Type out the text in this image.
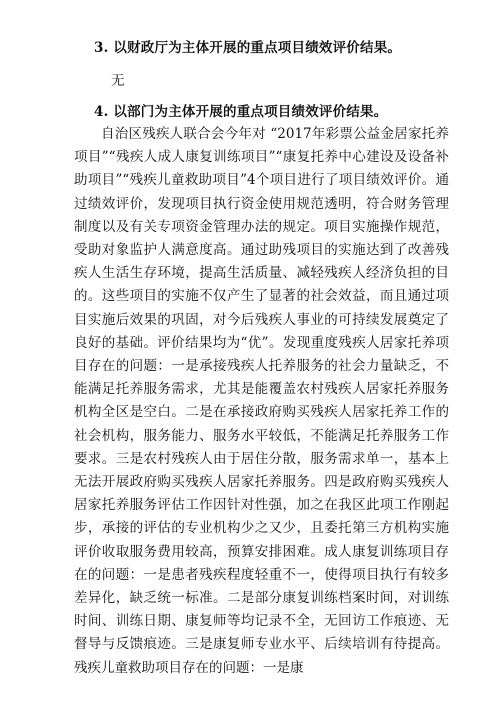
3. 以财政厅为主体开展的重点项目绩效评价结果。
无
4. 以部门为主体开展的重点项目绩效评价结果。

自治区残疾人联合会今年对 “2017年彩票公益金居家托养项目”“残疾人成人康复训练项目”“康复托养中心建设及设备补助项目”“残疾儿童救助项目”4个项目进行了项目绩效评价。通过绩效评价，发现项目执行资金使用规范透明，符合财务管理制度以及有关专项资金管理办法的规定。项目实施操作规范，受助对象监护人满意度高。通过助残项目的实施达到了改善残疾人生活生存环境，提高生活质量、减轻残疾人经济负担的目的。这些项目的实施不仅产生了显著的社会效益，而且通过项目实施后效果的巩固，对今后残疾人事业的可持续发展奠定了良好的基础。评价结果均为“优”。发现重度残疾人居家托养项目存在的问题：一是承接残疾人托养服务的社会力量缺乏，不能满足托养服务需求，尤其是能覆盖农村残疾人居家托养服务机构全区是空白。二是在承接政府购买残疾人居家托养工作的社会机构，服务能力、服务水平较低，不能满足托养服务工作要求。三是农村残疾人由于居住分散，服务需求单一，基本上无法开展政府购买残疾人居家托养服务。四是政府购买残疾人居家托养服务评估工作因针对性强，加之在我区此项工作刚起步，承接的评估的专业机构少之又少，且委托第三方机构实施评价收取服务费用较高，预算安排困难。成人康复训练项目存在的问题：一是患者残疾程度轻重不一，使得项目执行有较多差异化，缺乏统一标准。二是部分康复训练档案时间，对训练时间、训练日期、康复师等均记录不全，无回访工作痕迹、无督导与反馈痕迹。三是康复师专业水平、后续培训有待提高。残疾儿童救助项目存在的问题：一是康
